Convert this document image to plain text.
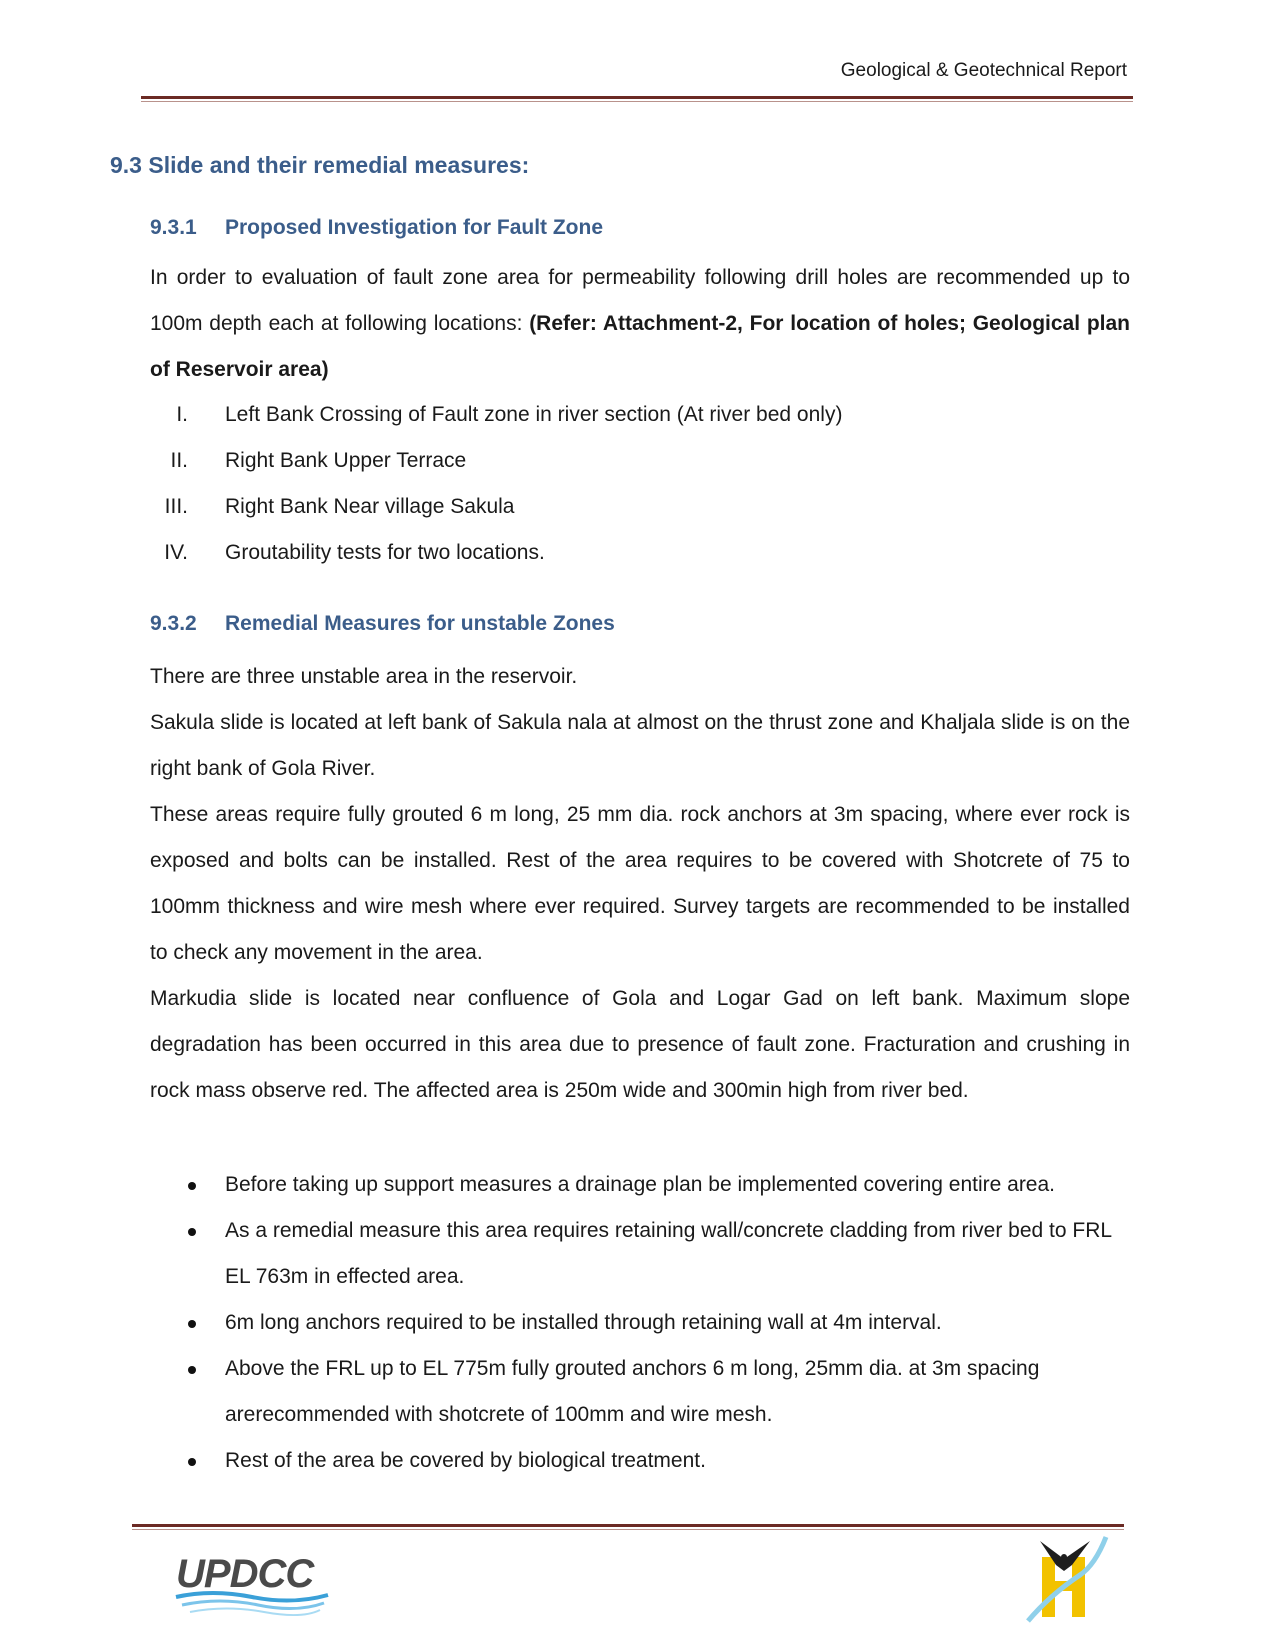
Geological & Geotechnical Report
9.3 Slide and their remedial measures:
9.3.1 Proposed Investigation for Fault Zone

In order to evaluation of fault zone area for permeability following drill holes are recommended up to 100m depth each at following locations: (Refer: Attachment-2, For location of holes; Geological plan of Reservoir area)

I. Left Bank Crossing of Fault zone in river section (At river bed only)
II. Right Bank Upper Terrace
III. Right Bank Near village Sakula
IV. Groutability tests for two locations.
9.3.2 Remedial Measures for unstable Zones

There are three unstable area in the reservoir.

Sakula slide is located at left bank of Sakula nala at almost on the thrust zone and Khaljala slide is on the right bank of Gola River.

These areas require fully grouted 6 m long, 25 mm dia. rock anchors at 3m spacing, where ever rock is exposed and bolts can be installed. Rest of the area requires to be covered with Shotcrete of 75 to 100mm thickness and wire mesh where ever required. Survey targets are recommended to be installed to check any movement in the area.

Markudia slide is located near confluence of Gola and Logar Gad on left bank. Maximum slope degradation has been occurred in this area due to presence of fault zone. Fracturation and crushing in rock mass observe red. The affected area is 250m wide and 300min high from river bed.

Before taking up support measures a drainage plan be implemented covering entire area.
As a remedial measure this area requires retaining wall/concrete cladding from river bed to FRL EL 763m in effected area.
6m long anchors required to be installed through retaining wall at 4m interval.
Above the FRL up to EL 775m fully grouted anchors 6 m long, 25mm dia. at 3m spacing arerecommended with shotcrete of 100mm and wire mesh.
Rest of the area be covered by biological treatment.
UPDCC
